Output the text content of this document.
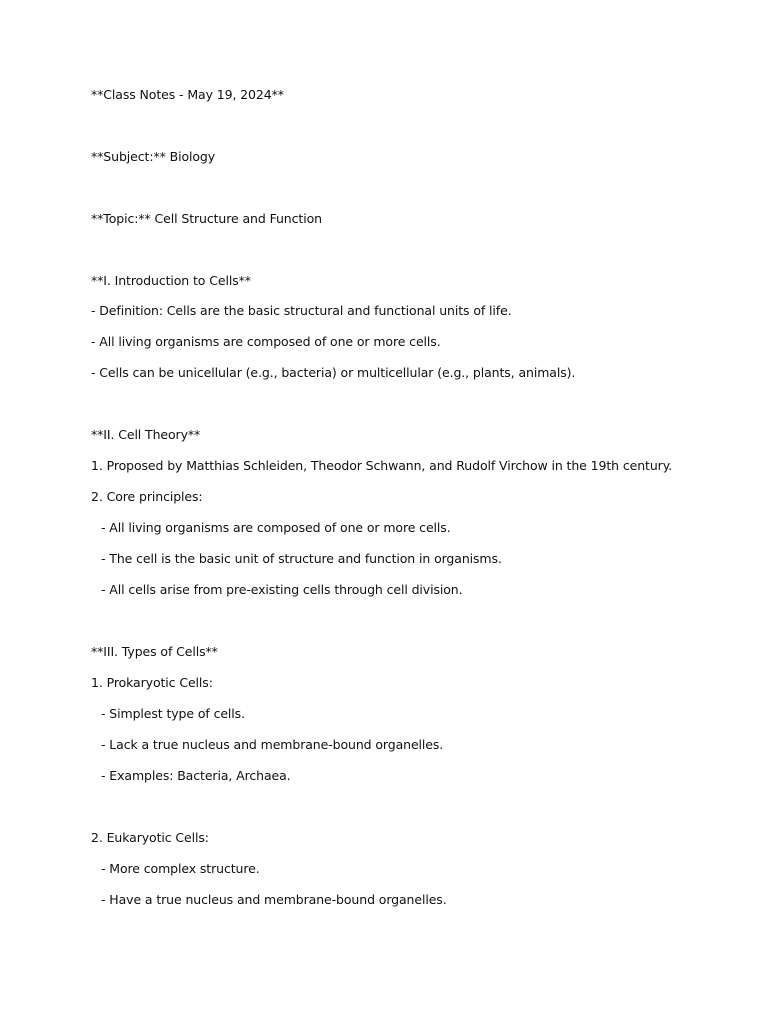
**Class Notes - May 19, 2024**
**Subject:** Biology
**Topic:** Cell Structure and Function
**I. Introduction to Cells**
- Definition: Cells are the basic structural and functional units of life.
- All living organisms are composed of one or more cells.
- Cells can be unicellular (e.g., bacteria) or multicellular (e.g., plants, animals).
**II. Cell Theory**
1. Proposed by Matthias Schleiden, Theodor Schwann, and Rudolf Virchow in the 19th century.
2. Core principles:
- All living organisms are composed of one or more cells.
- The cell is the basic unit of structure and function in organisms.
- All cells arise from pre-existing cells through cell division.
**III. Types of Cells**
1. Prokaryotic Cells:
- Simplest type of cells.
- Lack a true nucleus and membrane-bound organelles.
- Examples: Bacteria, Archaea.
2. Eukaryotic Cells:
- More complex structure.
- Have a true nucleus and membrane-bound organelles.
